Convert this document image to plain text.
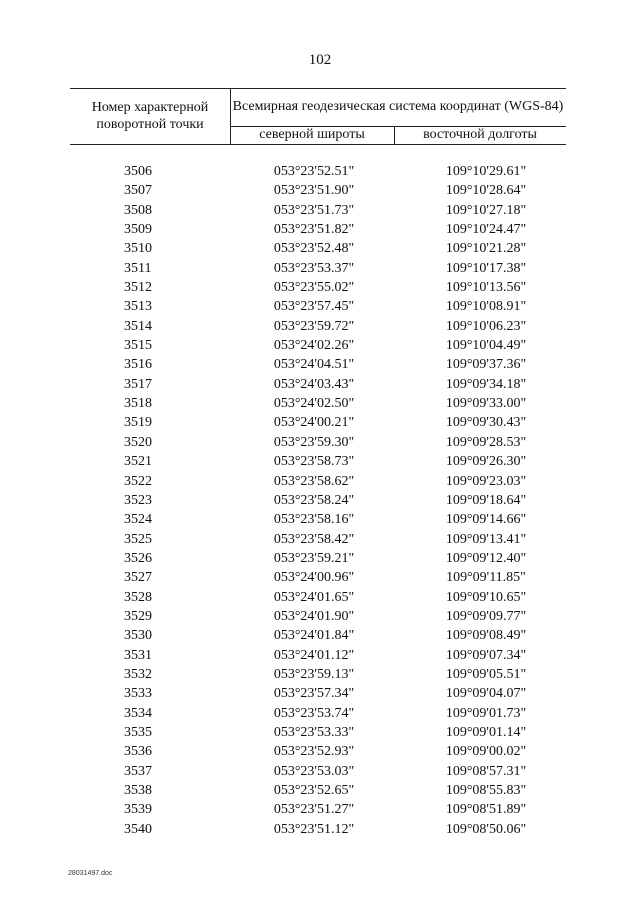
102
Номер характерной поворотной точки
Всемирная геодезическая система координат (WGS-84)
северной широты	восточной долготы
3506	053°23'52.51"	109°10'29.61"
3507	053°23'51.90"	109°10'28.64"
3508	053°23'51.73"	109°10'27.18"
3509	053°23'51.82"	109°10'24.47"
3510	053°23'52.48"	109°10'21.28"
3511	053°23'53.37"	109°10'17.38"
3512	053°23'55.02"	109°10'13.56"
3513	053°23'57.45"	109°10'08.91"
3514	053°23'59.72"	109°10'06.23"
3515	053°24'02.26"	109°10'04.49"
3516	053°24'04.51"	109°09'37.36"
3517	053°24'03.43"	109°09'34.18"
3518	053°24'02.50"	109°09'33.00"
3519	053°24'00.21"	109°09'30.43"
3520	053°23'59.30"	109°09'28.53"
3521	053°23'58.73"	109°09'26.30"
3522	053°23'58.62"	109°09'23.03"
3523	053°23'58.24"	109°09'18.64"
3524	053°23'58.16"	109°09'14.66"
3525	053°23'58.42"	109°09'13.41"
3526	053°23'59.21"	109°09'12.40"
3527	053°24'00.96"	109°09'11.85"
3528	053°24'01.65"	109°09'10.65"
3529	053°24'01.90"	109°09'09.77"
3530	053°24'01.84"	109°09'08.49"
3531	053°24'01.12"	109°09'07.34"
3532	053°23'59.13"	109°09'05.51"
3533	053°23'57.34"	109°09'04.07"
3534	053°23'53.74"	109°09'01.73"
3535	053°23'53.33"	109°09'01.14"
3536	053°23'52.93"	109°09'00.02"
3537	053°23'53.03"	109°08'57.31"
3538	053°23'52.65"	109°08'55.83"
3539	053°23'51.27"	109°08'51.89"
3540	053°23'51.12"	109°08'50.06"
28031497.doc
